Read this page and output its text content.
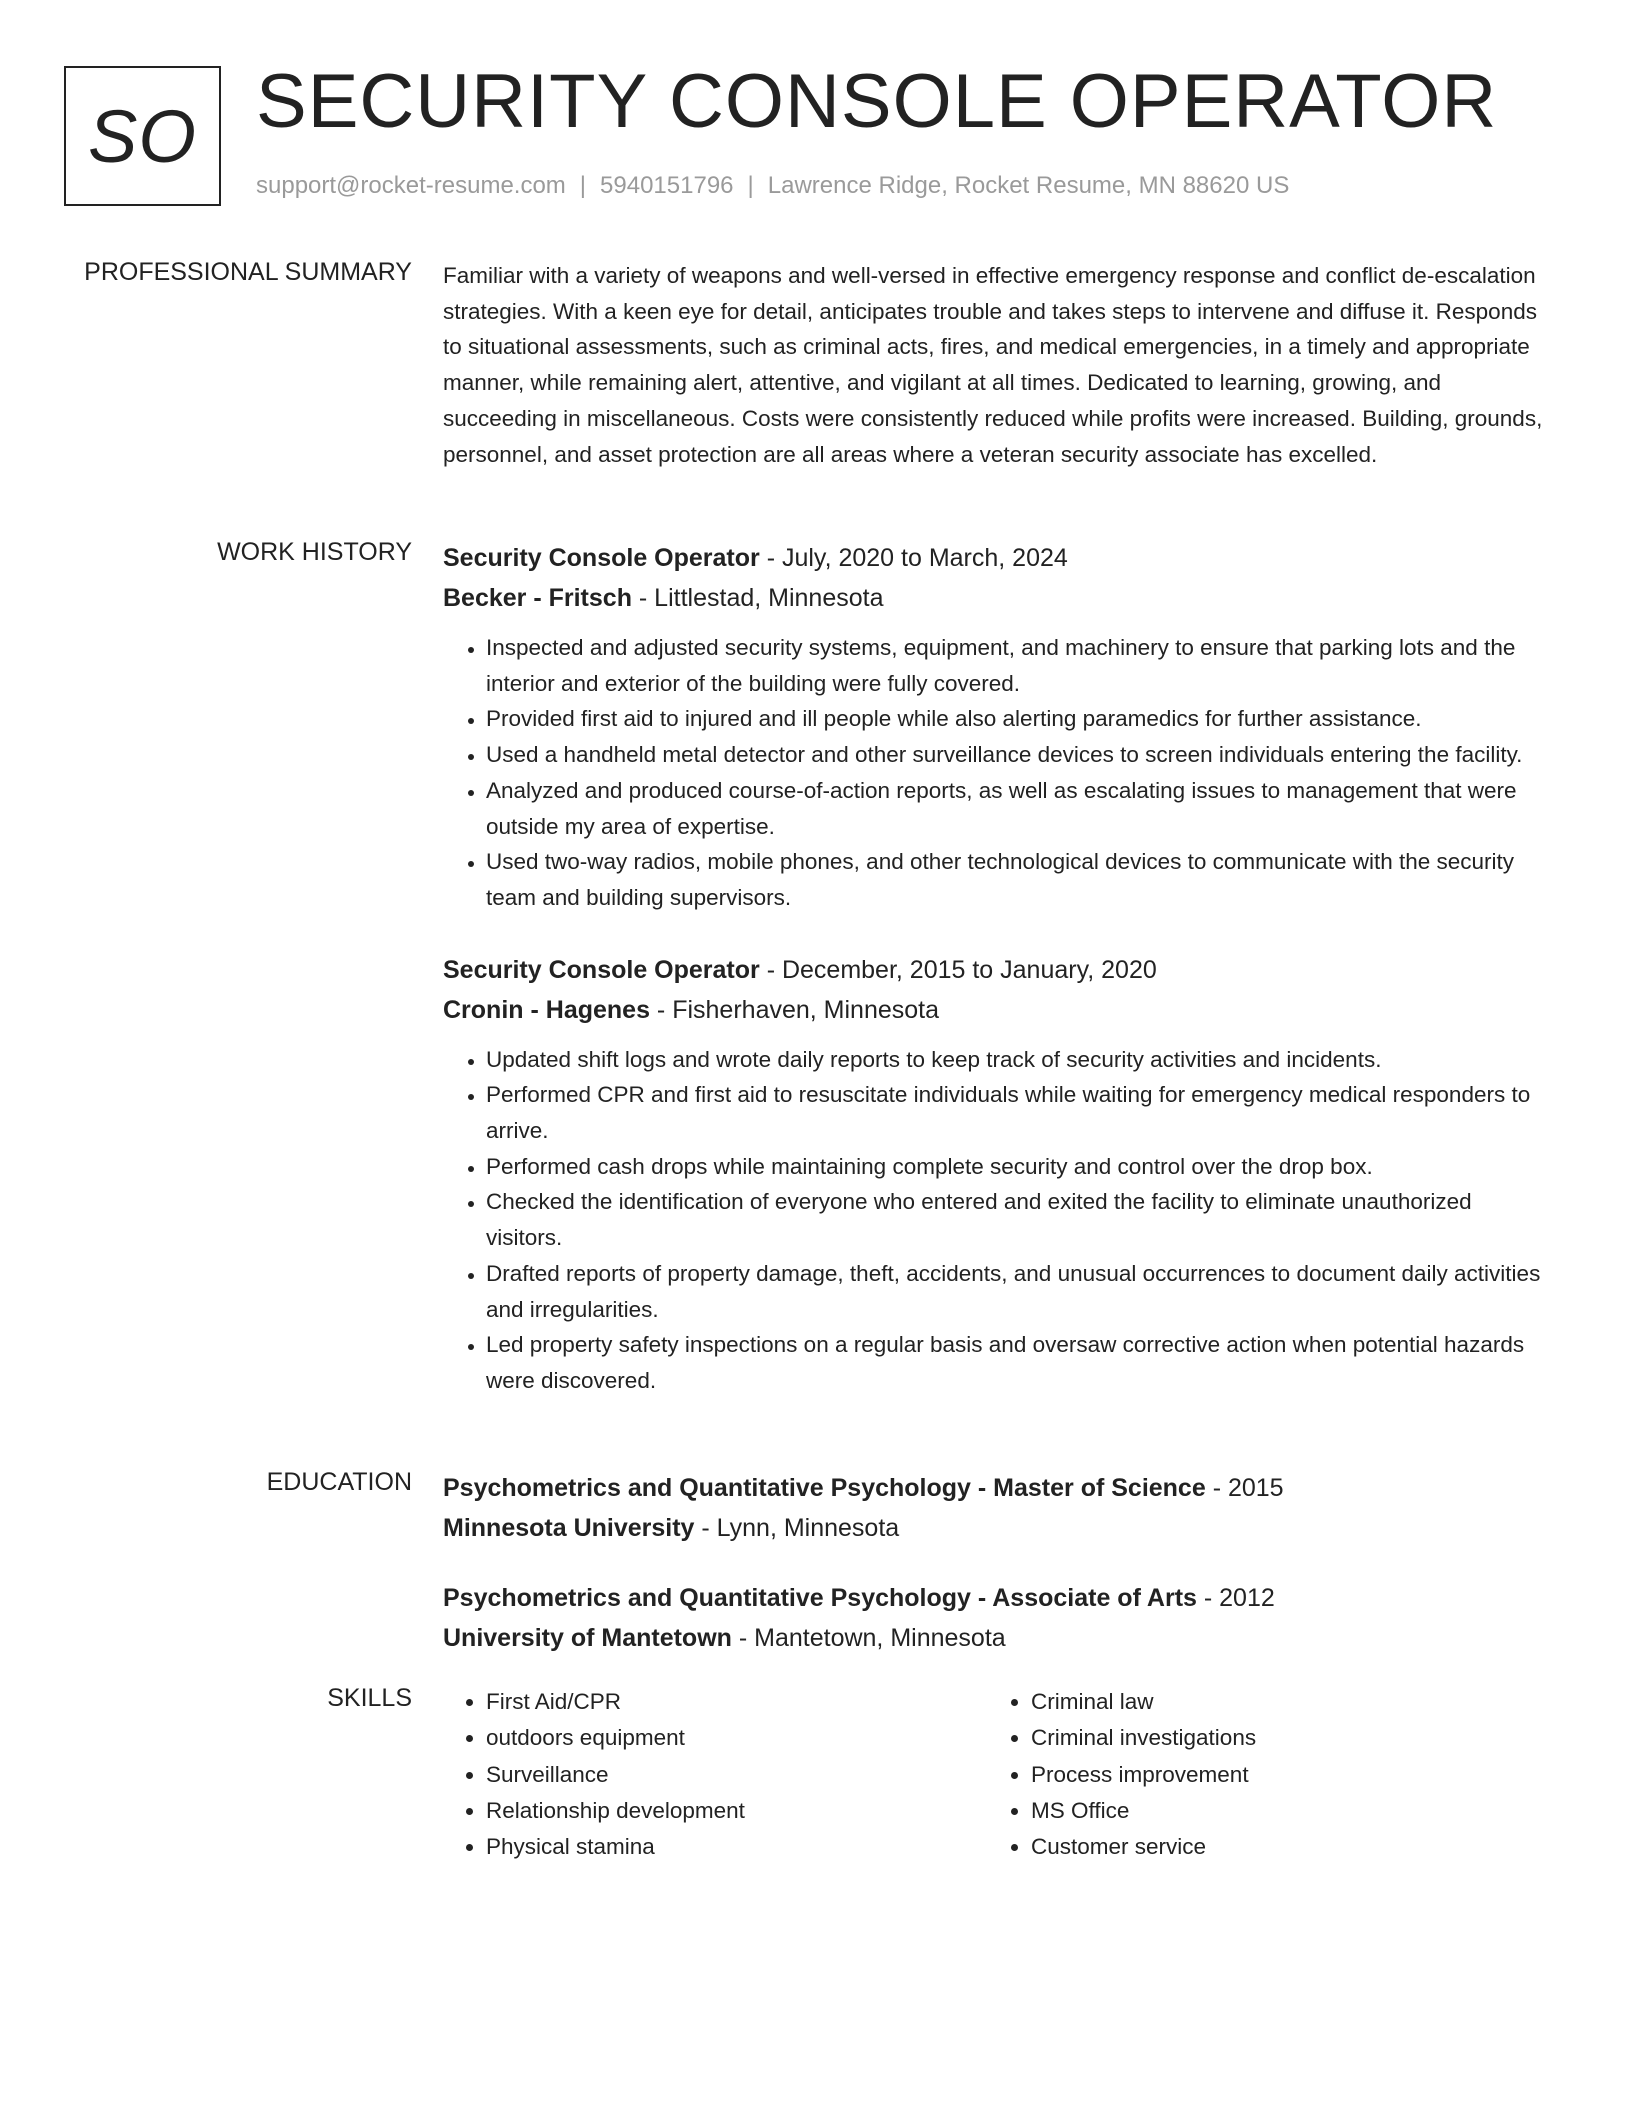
SO SECURITY CONSOLE OPERATOR
support@rocket-resume.com | 5940151796 | Lawrence Ridge, Rocket Resume, MN 88620 US
PROFESSIONAL SUMMARY Familiar with a variety of weapons and well-versed in effective emergency response and conflict de-escalation strategies. With a keen eye for detail, anticipates trouble and takes steps to intervene and diffuse it. Responds to situational assessments, such as criminal acts, fires, and medical emergencies, in a timely and appropriate manner, while remaining alert, attentive, and vigilant at all times. Dedicated to learning, growing, and succeeding in miscellaneous. Costs were consistently reduced while profits were increased. Building, grounds, personnel, and asset protection are all areas where a veteran security associate has excelled.
WORK HISTORY Security Console Operator - July, 2020 to March, 2024
Becker - Fritsch - Littlestad, Minnesota
• Inspected and adjusted security systems, equipment, and machinery to ensure that parking lots and the interior and exterior of the building were fully covered.
• Provided first aid to injured and ill people while also alerting paramedics for further assistance.
• Used a handheld metal detector and other surveillance devices to screen individuals entering the facility.
• Analyzed and produced course-of-action reports, as well as escalating issues to management that were outside my area of expertise.
• Used two-way radios, mobile phones, and other technological devices to communicate with the security team and building supervisors.
Security Console Operator - December, 2015 to January, 2020
Cronin - Hagenes - Fisherhaven, Minnesota
• Updated shift logs and wrote daily reports to keep track of security activities and incidents.
• Performed CPR and first aid to resuscitate individuals while waiting for emergency medical responders to arrive.
• Performed cash drops while maintaining complete security and control over the drop box.
• Checked the identification of everyone who entered and exited the facility to eliminate unauthorized visitors.
• Drafted reports of property damage, theft, accidents, and unusual occurrences to document daily activities and irregularities.
• Led property safety inspections on a regular basis and oversaw corrective action when potential hazards were discovered.
EDUCATION Psychometrics and Quantitative Psychology - Master of Science - 2015
Minnesota University - Lynn, Minnesota
Psychometrics and Quantitative Psychology - Associate of Arts - 2012
University of Mantetown - Mantetown, Minnesota
SKILLS
•	First Aid/CPR
• outdoors equipment
• Surveillance
• Relationship development
• Physical stamina
• Criminal law
• Criminal investigations
• Process improvement
• MS Office
• Customer service
